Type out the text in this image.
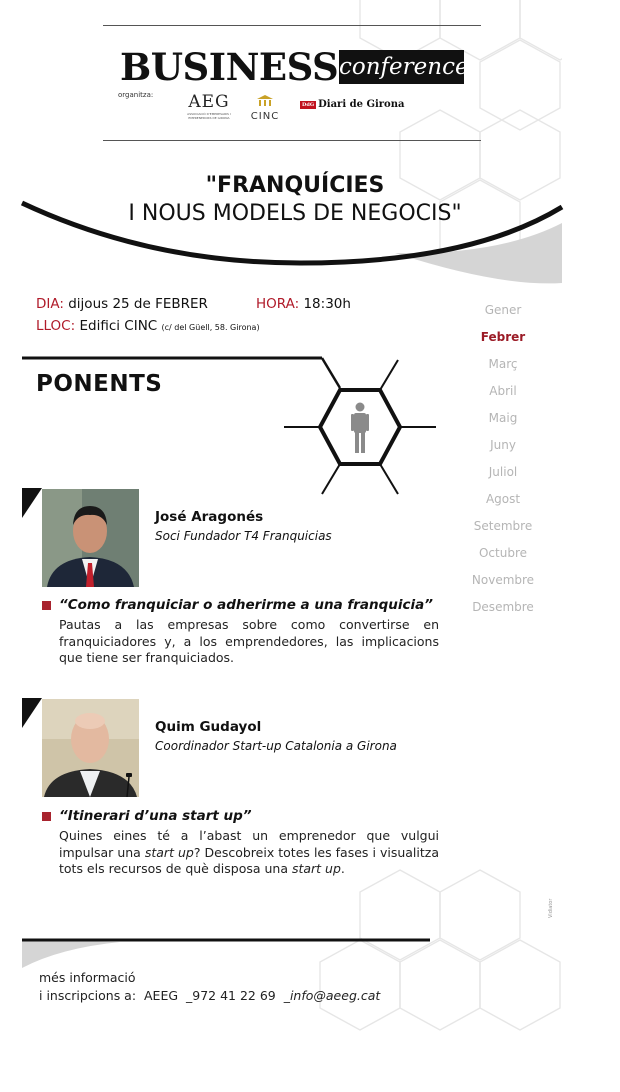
BUSINESS conference
organitza: AEG
ASSOCIACIÓ D'EMPRESARIS I EMPRENEDORS DE GIRONA	CINC
DdG Diari de Girona
"FRANQUÍCIES
I NOUS MODELS DE NEGOCIS"
DIA: dijous 25 de FEBRER	HORA: 18:30h
LLOC: Edifici CINC (c/ del Güell, 58. Girona)
Gener
Febrer
Març
Abril
Maig
Juny
Juliol
Agost
Setembre
Octubre
Novembre
Desembre
PONENTS
José Aragonés
Soci Fundador T4 Franquicias
“Como franquiciar o adherirme a una franquicia”
Pautas a las empresas sobre como convertirse en franquiciadores y, a los emprendedores, las implicacions que tiene ser franquiciados.
Quim Gudayol
Coordinador Start-up Catalonia a Girona
“Itinerari d’una start up”
Quines eines té a l’abast un emprenedor que vulgui impulsar una start up? Descobreix totes les fases i visualitza tots els recursos de què disposa una start up.
Vidiator
més informació
i inscripcions a: AEEG _972 41 22 69 _info@aeeg.cat
